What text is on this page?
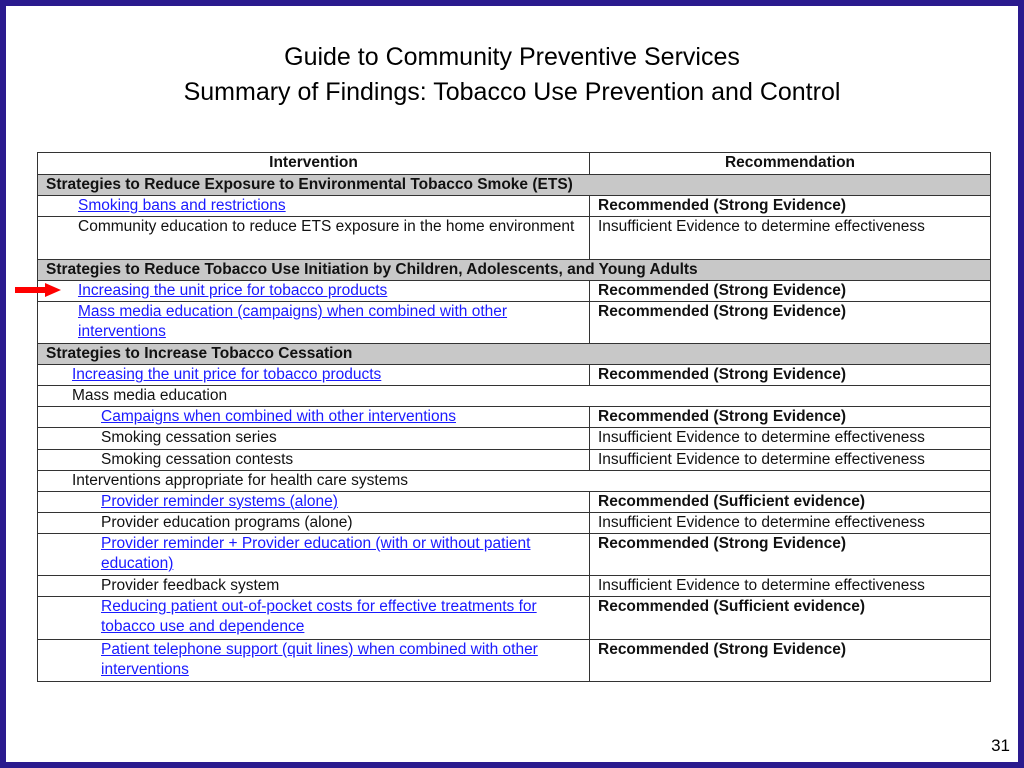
Guide to Community Preventive Services
Summary of Findings: Tobacco Use Prevention and Control
Intervention	Recommendation
Strategies to Reduce Exposure to Environmental Tobacco Smoke (ETS)	
Smoking bans and restrictions	Recommended (Strong Evidence)
Community education to reduce ETS exposure in the home environment	Insufficient Evidence to determine effectiveness
Strategies to Reduce Tobacco Use Initiation by Children, Adolescents, and Young Adults	
Increasing the unit price for tobacco products	Recommended (Strong Evidence)
Mass media education (campaigns) when combined with other interventions	Recommended (Strong Evidence)
Strategies to Increase Tobacco Cessation	
Increasing the unit price for tobacco products	Recommended (Strong Evidence)
Mass media education	
Campaigns when combined with other interventions	Recommended (Strong Evidence)
Smoking cessation series	Insufficient Evidence to determine effectiveness
Smoking cessation contests	Insufficient Evidence to determine effectiveness
Interventions appropriate for health care systems	
Provider reminder systems (alone)	Recommended (Sufficient evidence)
Provider education programs (alone)	Insufficient Evidence to determine effectiveness
Provider reminder + Provider education (with or without patient education)	Recommended (Strong Evidence)
Provider feedback system	Insufficient Evidence to determine effectiveness
Reducing patient out-of-pocket costs for effective treatments for tobacco use and dependence	Recommended (Sufficient evidence)
Patient telephone support (quit lines) when combined with other interventions	Recommended (Strong Evidence)
31
